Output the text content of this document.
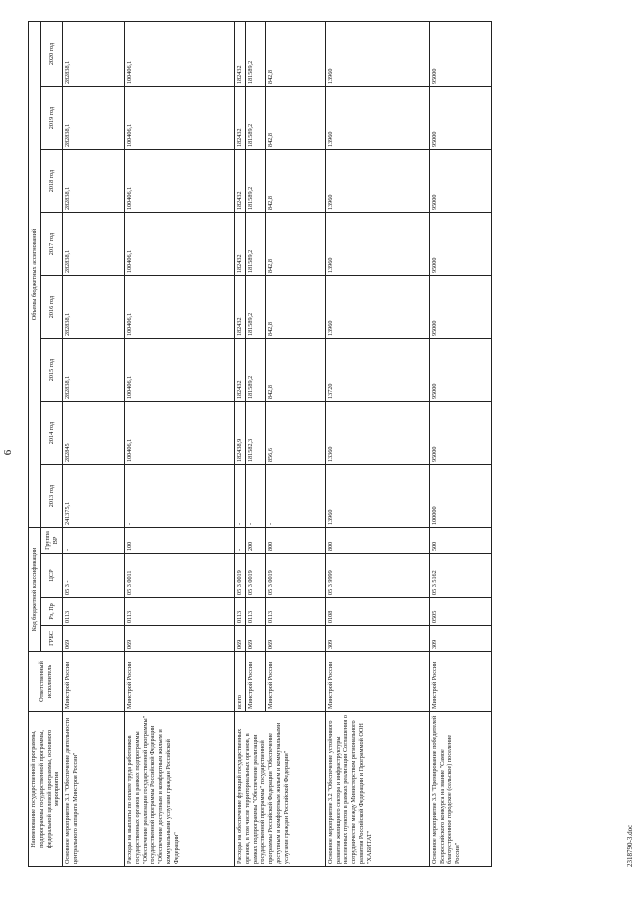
6
Наименование государственной программы, подпрограммы государственной программы, федеральной целевой программы, основного мероприятия	Ответственный исполнитель	Код бюджетной классификации				Объемы бюджетных ассигнований							
		ГРБС	Рз, Пр	ЦСР	Группа ВР	2013 год	2014 год	2015 год	2016 год	2017 год	2018 год	2019 год	2020 год
Основное мероприятие 3.1 "Обеспечение деятельности центрального аппарата Минстроя России"	Минстрой России	069	0113	05 3 -	-	241375,1	282845	282838,1	282838,1	282838,1	282838,1	282838,1	282838,1
Расходы на выплаты по оплате труда работников государственных органов в рамках подпрограммы "Обеспечение реализации государственной программы" государственной программы Российской Федерации "Обеспечение доступным и комфортным жильем и коммунальными услугами граждан Российской Федерации"	Минстрой России	069	0113	05 3 0011	100	-	100406,1	100406,1	100406,1	100406,1	100406,1	100406,1	100406,1
Расходы на обеспечение функций государственных органов, в том числе территориальных органов, в рамках подпрограммы "Обеспечение реализации государственной программы" государственной программы Российской Федерации "Обеспечение доступным и комфортным жильем и коммунальными услугами граждан Российской Федерации"	всего	069	0113	05 3 0019	-	-	182438,9	182432	182432	182432	182432	182432	182432
	Минстрой России	069	0113	05 3 0019	200	-	181582,3	181589,2	181589,2	181589,2	181589,2	181589,2	181589,2
	Минстрой России	069	0113	05 3 0019	800	-	856,6	842,8	842,8	842,8	842,8	842,8	842,8
Основное мероприятие 3.2 "Обеспечение устойчивого развития жилищного сектора и инфраструктуры населенных пунктов в рамках реализации Соглашения о сотрудничестве между Министерством регионального развития Российской Федерации и Программой ООН "ХАБИТАТ"	Минстрой России	309	0108	05 3 9999	800	13960	13360	13720	13960	13960	13960	13960	13960
Основное мероприятие 3.3 "Премирование победителей Всероссийского конкурса на звание "Самое благоустроенное городское (сельское) поселение России"	Минстрой России	309	0505	05 3 5162	500	100000	95000	95000	95000	95000	95000	95000	95000
2318790-3.doc
